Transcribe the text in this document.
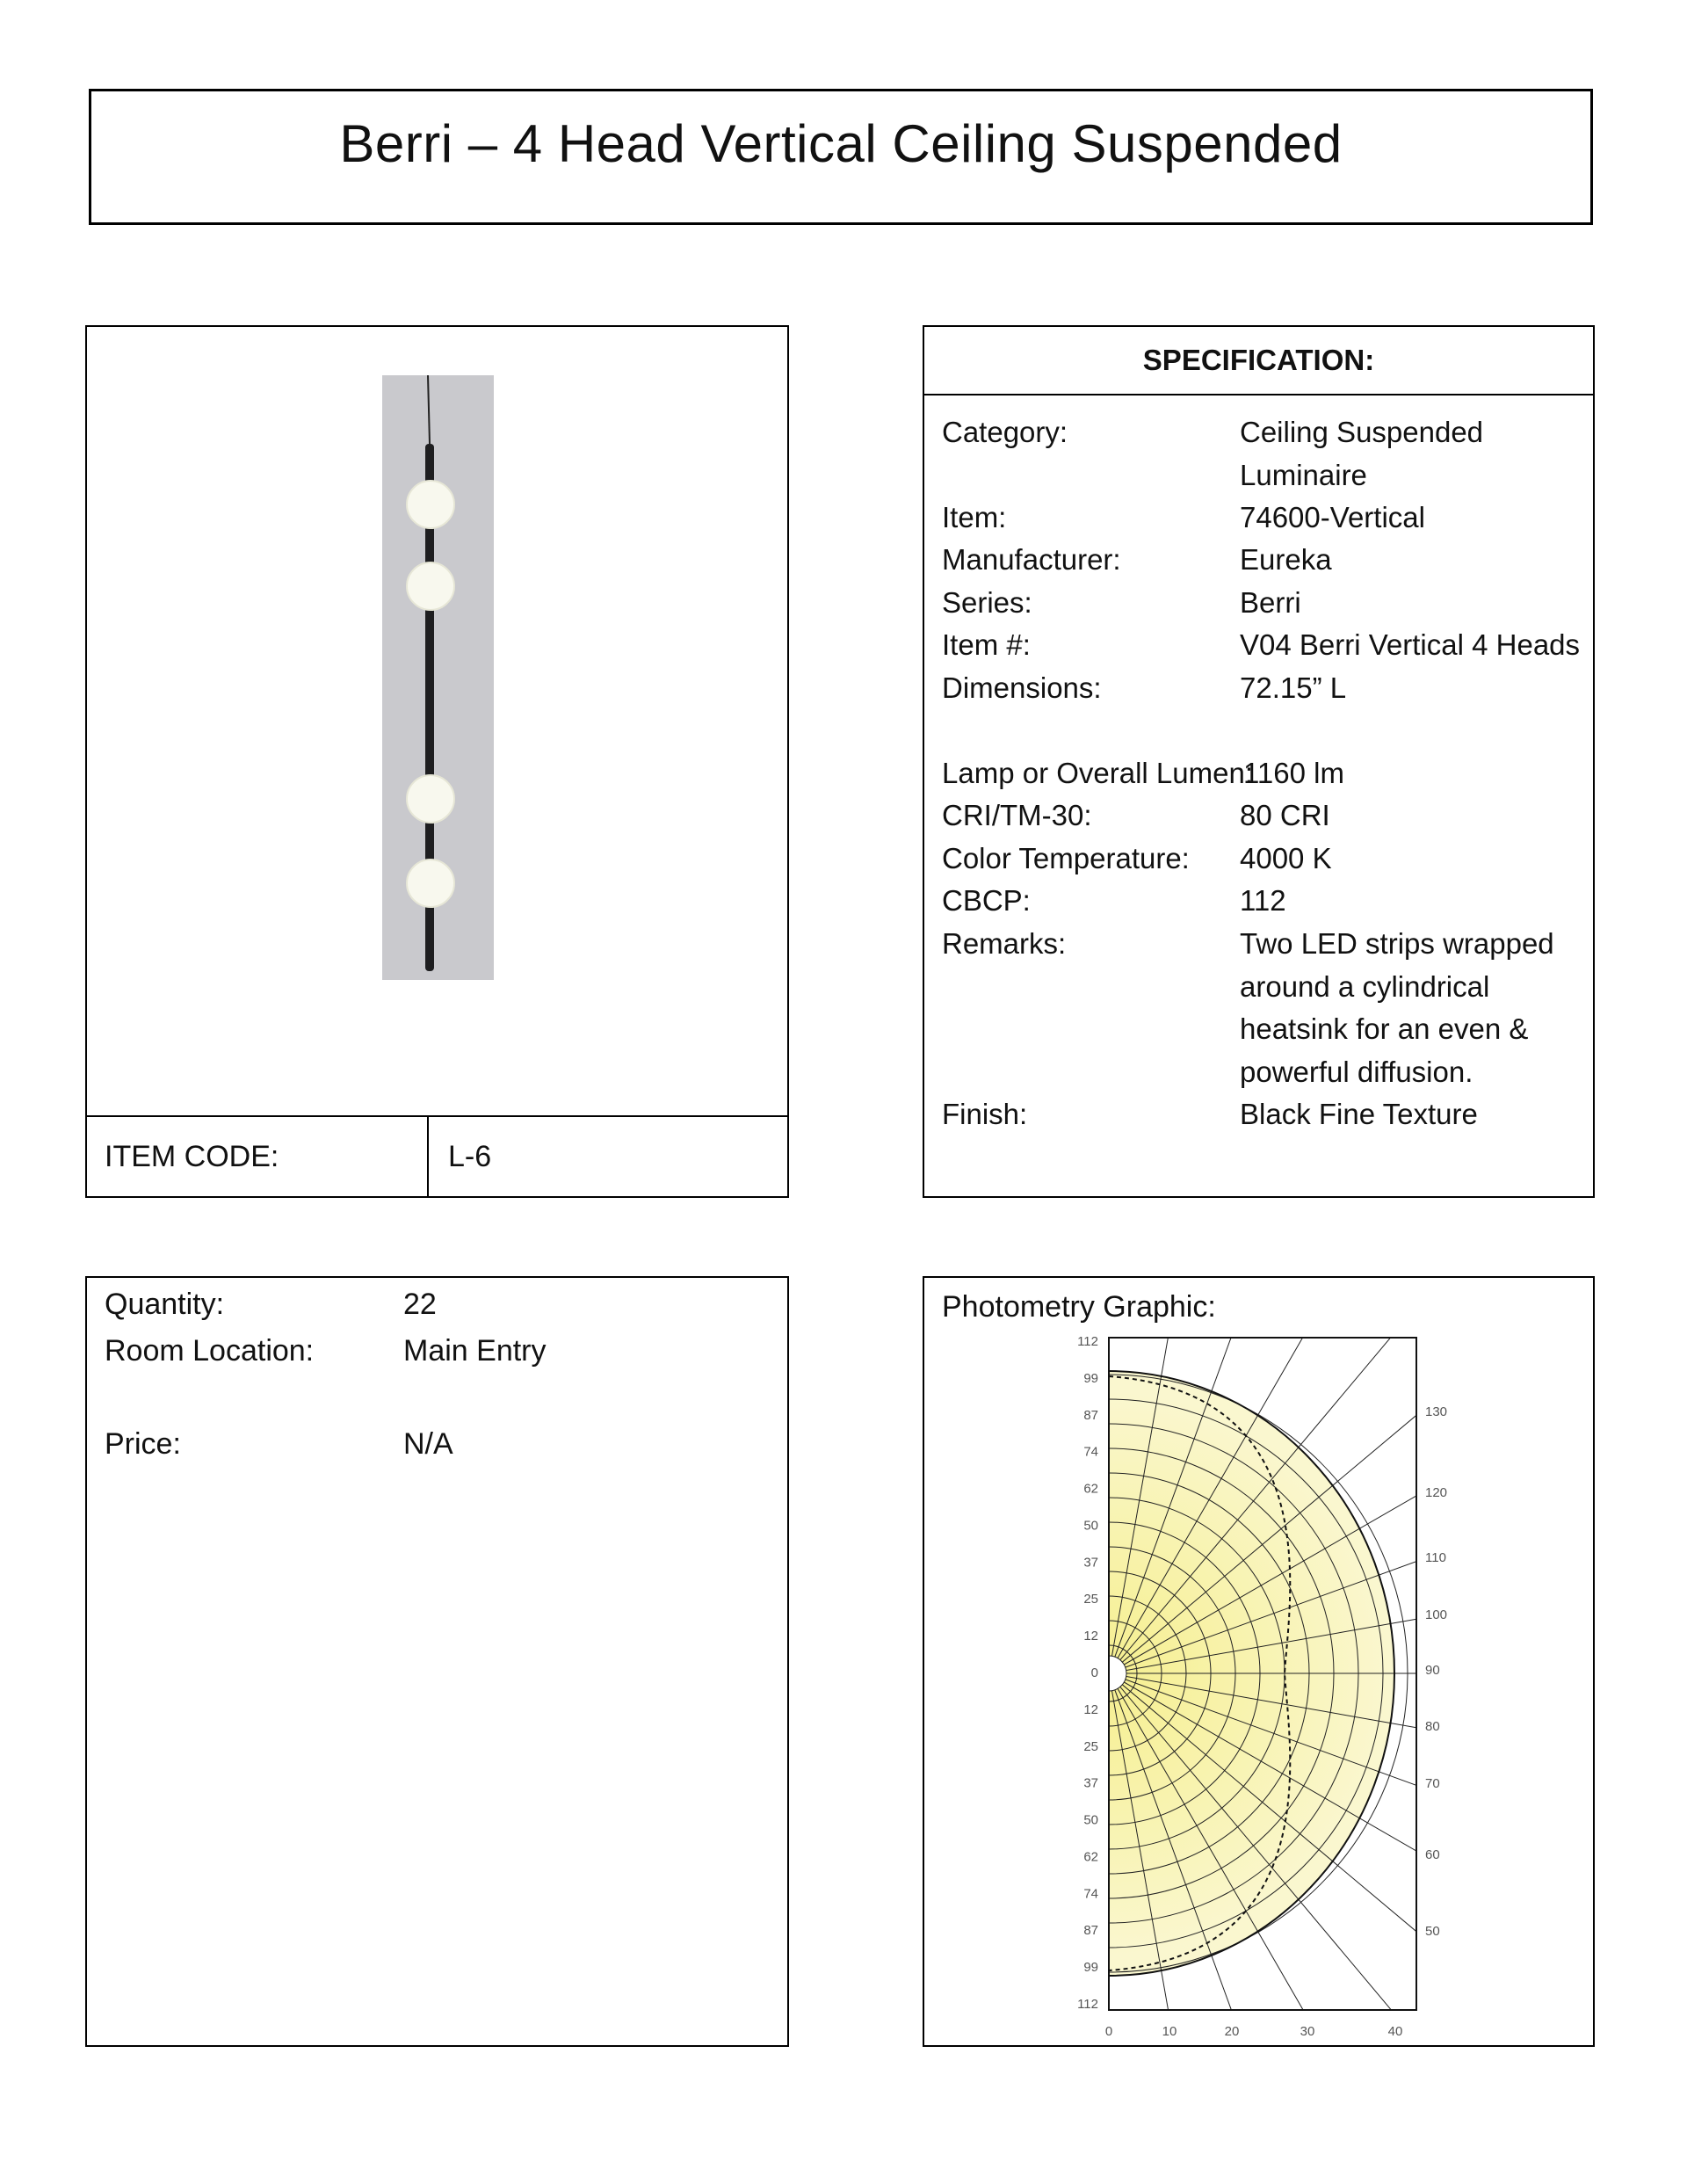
Berri – 4 Head Vertical Ceiling Suspended
ITEM CODE:	L-6
SPECIFICATION:
Category:	Ceiling Suspended
Luminaire
Item:	74600-Vertical
Manufacturer:	Eureka
Series:	Berri
Item #:	V04 Berri Vertical 4 Heads
Dimensions:	72.15” L
Lamp or Overall Lumen:
1160 lm
CRI/TM-30:	80 CRI
Color Temperature: 4000 K
CBCP:	112
Remarks:	Two LED strips wrapped
around a cylindrical
heatsink for an even &
powerful diffusion.
Finish:	Black Fine Texture
Quantity:	22
Room Location:	Main Entry
Price:	N/A
Photometry Graphic:
112
99
87
74
62
50
37
25
12
0
12
25
37
50
62
74
87
99
112
0	10	20	30	40
130
120
110
100
90
80
70
60
50
